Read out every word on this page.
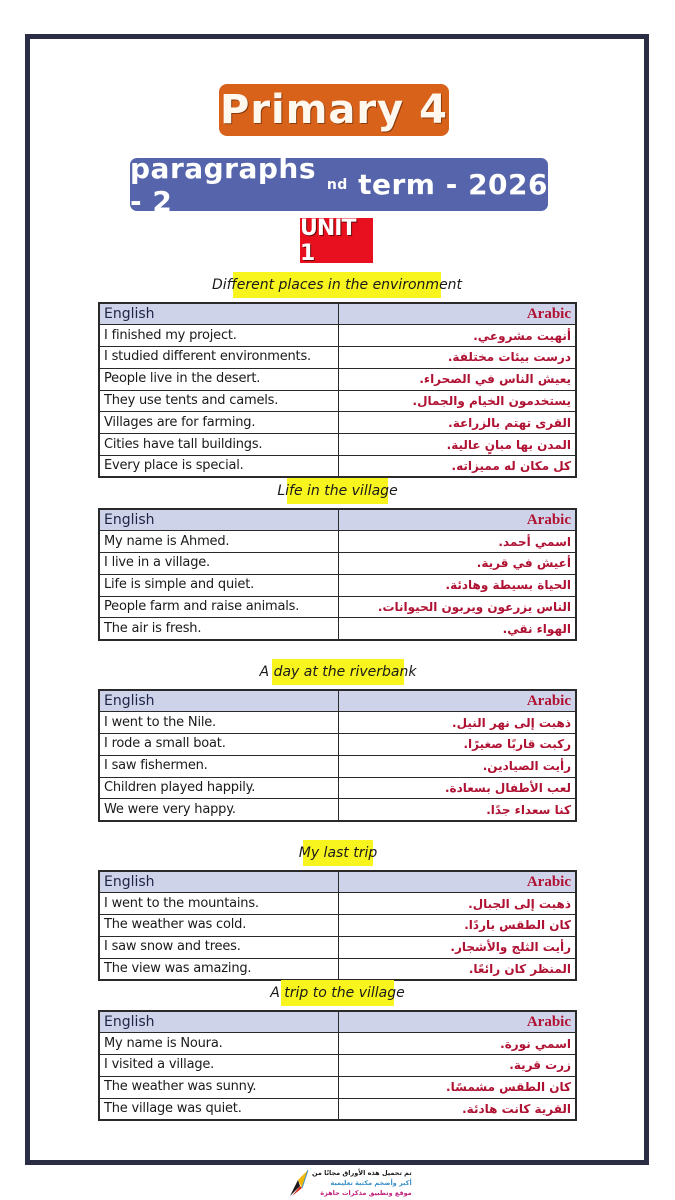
Primary 4
paragraphs - 2	nd term - 2026
UNIT 1
Different places in the environment
English	Arabic
I finished my project.	أنهيت مشروعي.
I studied different environments.	درست بيئات مختلفة.
People live in the desert.	يعيش الناس في الصحراء.
They use tents and camels.	يستخدمون الخيام والجمال.
Villages are for farming.	القرى تهتم بالزراعة.
Cities have tall buildings.	المدن بها مبانٍ عالية.
Every place is special.	كل مكان له مميزاته.
Life in the village
English	Arabic
My name is Ahmed.	اسمي أحمد.
I live in a village.	أعيش في قرية.
Life is simple and quiet.	الحياة بسيطة وهادئة.
People farm and raise animals.	الناس يزرعون ويربون الحيوانات.
The air is fresh.	الهواء نقي.
A day at the riverbank
English	Arabic
I went to the Nile.	ذهبت إلى نهر النيل.
I rode a small boat.	ركبت قاربًا صغيرًا.
I saw fishermen.	رأيت الصيادين.
Children played happily.	لعب الأطفال بسعادة.
We were very happy.	كنا سعداء جدًا.
My last trip
English	Arabic
I went to the mountains.	ذهبت إلى الجبال.
The weather was cold.	كان الطقس باردًا.
I saw snow and trees.	رأيت الثلج والأشجار.
The view was amazing.	المنظر كان رائعًا.
A trip to the village
English	Arabic
My name is Noura.	اسمي نورة.
I visited a village.	زرت قرية.
The weather was sunny.	كان الطقس مشمسًا.
The village was quiet.	القرية كانت هادئة.
تم تحميل هذه الأوراق مجانًا من
أكبر وأضخم مكتبة تعليمية
موقع وتطبيق مذكرات جاهزة
